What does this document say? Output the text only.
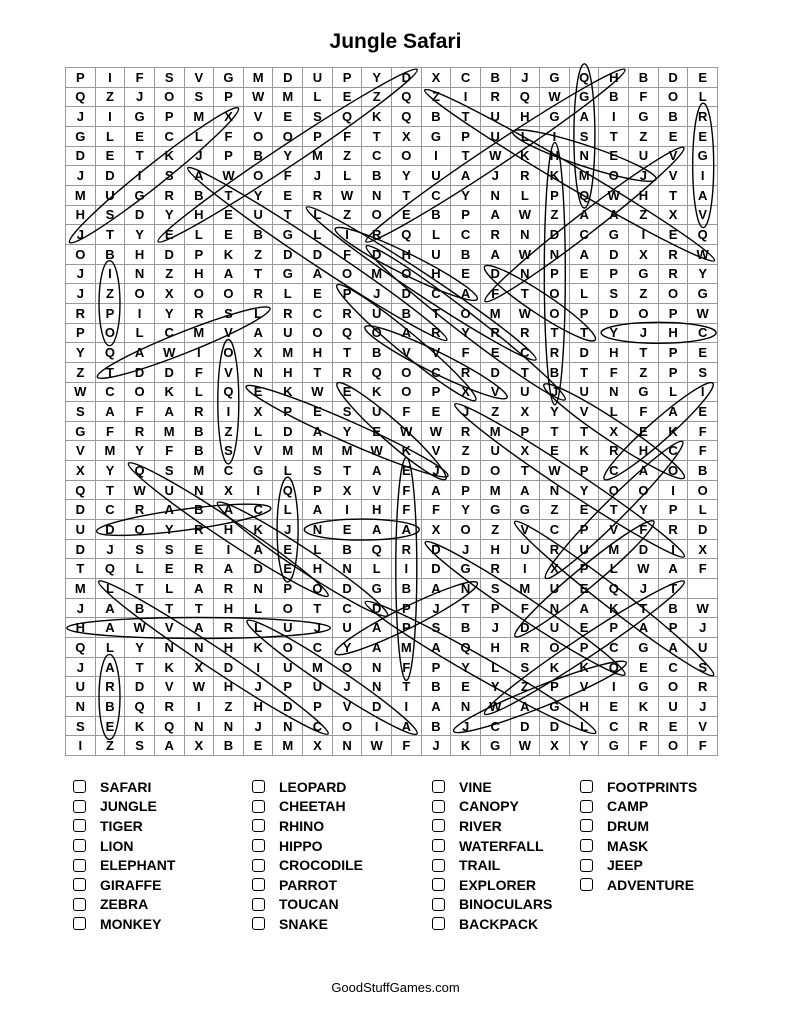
Jungle Safari
P	I	F	S	V	G	M	D	U	P	Y	D	X	C	B	J	G	Q	H	B	D	E
Q	Z	J	O	S	P	W	M	L	E	Z	Q	Z	I	R	Q	W	G	B	F	O	L
J	I	G	P	M	X	V	E	S	Q	K	Q	B	T	U	H	G	A	I	G	B	R
G	L	E	C	L	F	O	O	P	F	T	X	G	P	U	L	I	S	T	Z	E	E
D	E	T	K	J	P	B	Y	M	Z	C	O	I	T	W	K	H	N	E	U	V	G
J	D	I	S	A	W	O	F	J	L	B	Y	U	A	J	R	K	M	O	J	V	I
M	U	G	R	B	T	Y	E	R	W	N	T	C	Y	N	L	P	Q	W	H	T	A
H	S	D	Y	H	E	U	T	L	Z	O	E	B	P	A	W	Z	A	A	Z	X	V
J	T	Y	E	L	E	B	G	L	I	R	Q	L	C	R	N	D	C	G	I	E	Q
O	B	H	D	P	K	Z	D	D	F	D	H	U	B	A	W	N	A	D	X	R	W
J	I	N	Z	H	A	T	G	A	O	M	O	H	E	D	N	P	E	P	G	R	Y
J	Z	O	X	O	O	R	L	E	P	J	D	C	A	F	T	O	L	S	Z	O	G
R	P	I	Y	R	S	L	R	C	R	U	B	T	O	M	W	O	P	D	O	P	W
P	O	L	C	M	V	A	U	O	Q	O	A	R	Y	R	R	T	T	Y	J	H	C
Y	Q	A	W	I	O	X	M	H	T	B	V	V	F	E	C	R	D	H	T	P	E
Z	T	D	D	F	V	N	H	T	R	Q	O	C	R	D	T	B	T	F	Z	P	S
W	C	O	K	L	Q	E	K	W	E	K	O	P	X	V	U	J	U	N	G	L	I
S	A	F	A	R	I	X	P	E	S	U	F	E	J	Z	X	Y	V	L	F	A	E
G	F	R	M	B	Z	L	D	A	Y	E	W	W	R	M	P	T	T	X	E	K	F
V	M	Y	F	B	S	V	M	M	M	W	K	V	Z	U	X	E	K	R	H	C	F
X	Y	Q	S	M	C	G	L	S	T	A	E	J	D	O	T	W	P	C	A	O	B
Q	T	W	U	N	X	I	Q	P	X	V	F	A	P	M	A	N	Y	O	O	I	O
D	C	R	A	B	A	C	L	A	I	H	F	F	Y	G	G	Z	E	T	Y	P	L
U	D	O	Y	R	H	K	J	N	E	A	A	X	O	Z	V	C	P	V	F	R	D
D	J	S	S	E	I	A	E	L	B	Q	R	D	J	H	U	R	U	M	D	I	X
T	Q	L	E	R	A	D	E	H	N	L	I	D	G	R	I	X	P	L	W	A	F
M	L	T	L	A	R	N	P	Q	D	G	B	A	N	S	M	U	E	Q	J	T
J	A	B	T	T	H	L	O	T	C	D	P	J	T	P	F	N	A	K	T	B	W
H	A	W	V	A	R	L	U	J	U	A	P	S	B	J	D	U	E	P	A	P	J
Q	L	Y	N	N	H	K	O	C	Y	A	M	A	Q	H	R	O	P	C	G	A	U
J	A	T	K	X	D	I	U	M	O	N	F	P	Y	L	S	K	K	Q	E	C	S
U	R	D	V	W	H	J	P	U	J	N	T	B	E	Y	Z	P	V	I	G	O	R
N	B	Q	R	I	Z	H	D	P	V	D	I	A	N	W	A	G	H	E	K	U	J
S	E	K	Q	N	N	J	N	C	O	I	A	B	J	C	D	D	L	C	R	E	V
I	Z	S	A	X	B	E	M	X	N	W	F	J	K	G	W	X	Y	G	F	O	F
SAFARI
JUNGLE
TIGER
LION
ELEPHANT
GIRAFFE
ZEBRA
MONKEY
LEOPARD
CHEETAH
RHINO
HIPPO
CROCODILE
PARROT
TOUCAN
SNAKE
VINE
CANOPY
RIVER
WATERFALL
TRAIL
EXPLORER
BINOCULARS
BACKPACK
FOOTPRINTS
CAMP
DRUM
MASK
JEEP
ADVENTURE
GoodStuffGames.com
